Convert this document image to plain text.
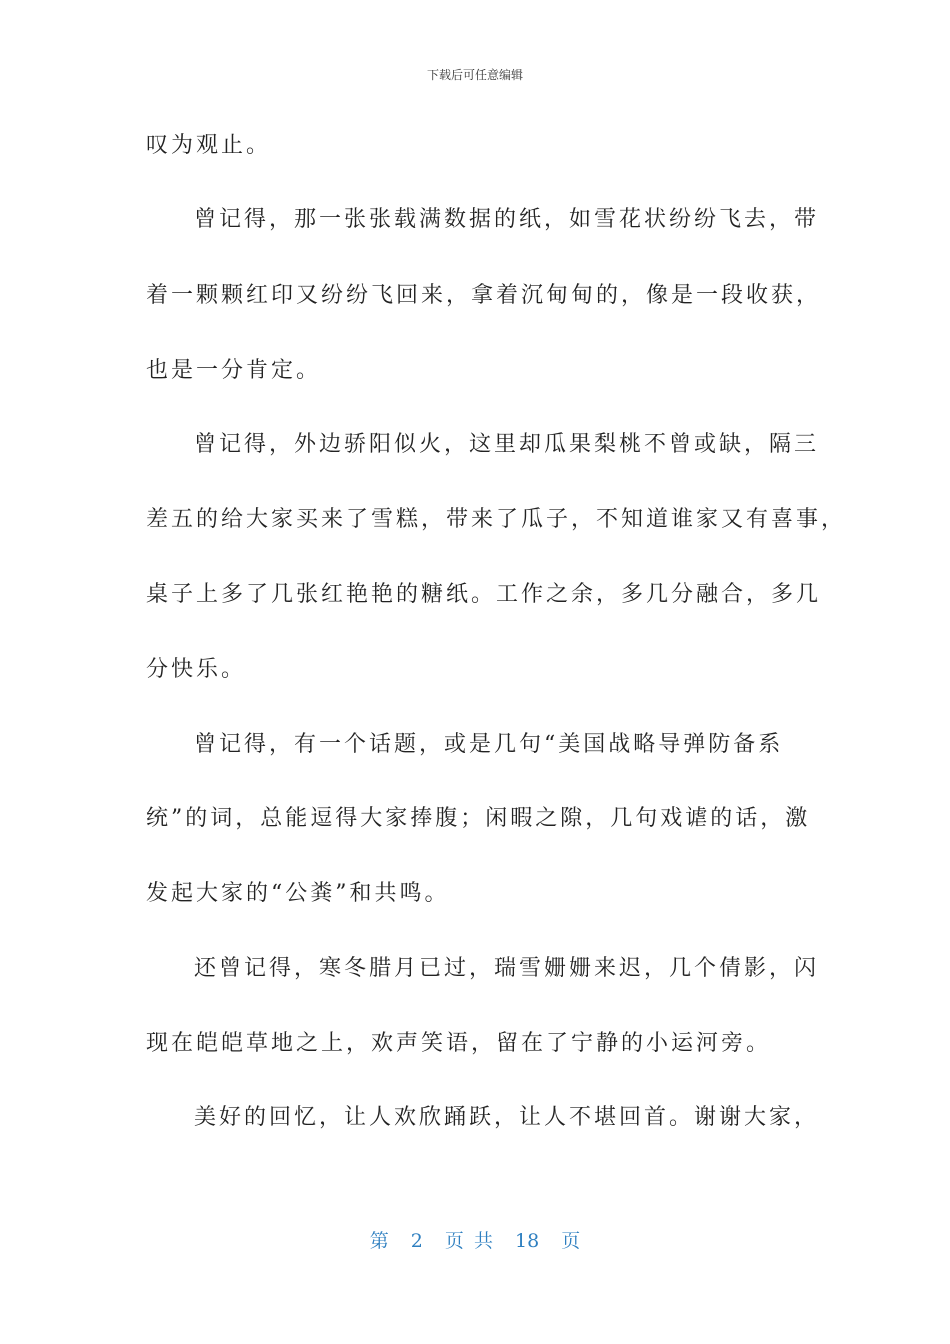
下载后可任意编辑
叹为观止。
曾记得，那一张张载满数据的纸，如雪花状纷纷飞去，带
着一颗颗红印又纷纷飞回来，拿着沉甸甸的，像是一段收获，
也是一分肯定。
曾记得，外边骄阳似火，这里却瓜果梨桃不曾或缺，隔三
差五的给大家买来了雪糕，带来了瓜子，不知道谁家又有喜事，
桌子上多了几张红艳艳的糖纸。工作之余，多几分融合，多几
分快乐。
曾记得，有一个话题，或是几句“美国战略导弹防备系
统”的词，总能逗得大家捧腹；闲暇之隙，几句戏谑的话，激
发起大家的“公粪”和共鸣。
还曾记得，寒冬腊月已过，瑞雪姗姗来迟，几个倩影，闪
现在皑皑草地之上，欢声笑语，留在了宁静的小运河旁。
美好的回忆，让人欢欣踊跃，让人不堪回首。谢谢大家，
第 2 页 共 18 页
